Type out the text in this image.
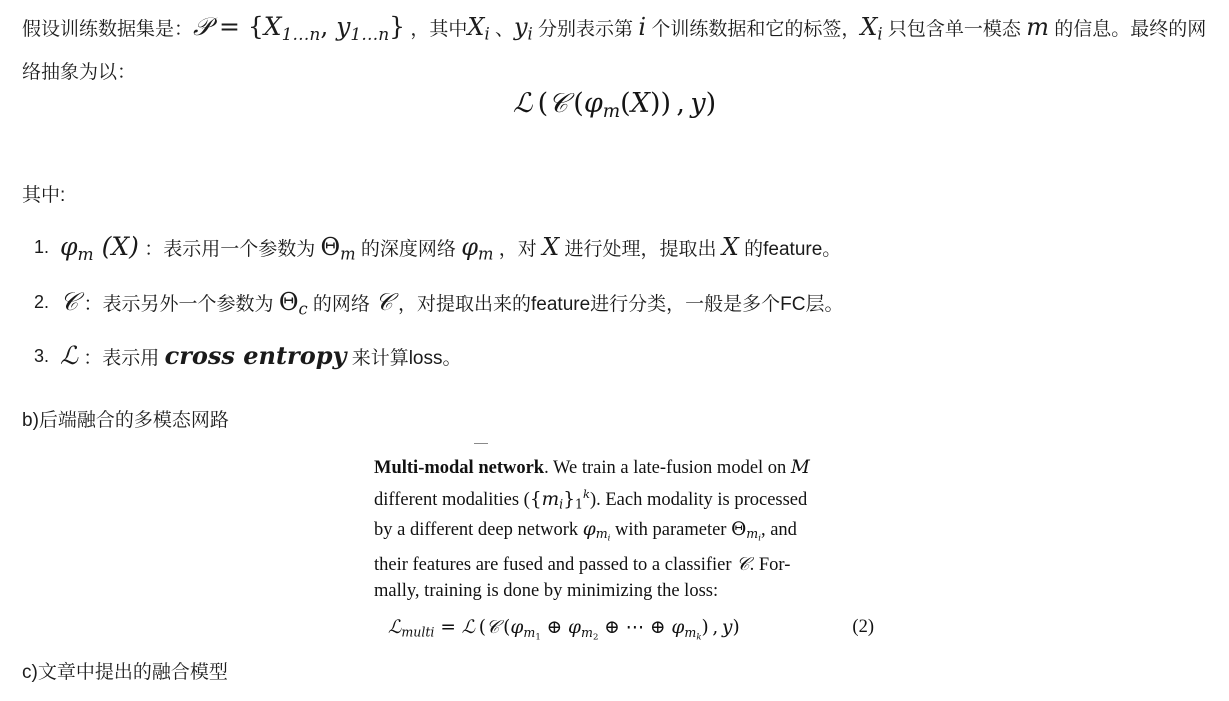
假设训练数据集是：𝒫 = {$X_{1\dots n}$, $y_{1\dots n}$} ，其中$X_i$ 、$y_i$ 分别表示第 i 个训练数据和它的标签，$X_i$ 只包含单一模态 m 的信息。最终的网络抽象为以：
ℒ (𝒞 $(\varphi_m(X))$ , y)
其中:
1. $\varphi_m$ (X) ：表示用一个参数为 $\Theta_m$ 的深度网络 $\varphi_m$ ，对 X 进行处理，提取出 X 的feature。
2. 𝒞 ：表示另外一个参数为 $\Theta_c$ 的网络 𝒞 ，对提取出来的feature进行分类，一般是多个FC层。
3. ℒ ：表示用 cross entropy 来计算loss。
b)后端融合的多模态网路
Multi-modal network. We train a late-fusion model on M
different modalities $(\{m_i\}_1^k)$. Each modality is processed
by a different deep network $\varphi_{m_i}$ with parameter $\Theta_{m_i}$, and
their features are fused and passed to a classifier 𝒞. For-
mally, training is done by minimizing the loss:
ℒ$_{multi}$ = ℒ (𝒞 ($\varphi_{m_1}$ ⊕ $\varphi_{m_2}$ ⊕ ⋯ ⊕ $\varphi_{m_k}$) , y)	(2)
c)文章中提出的融合模型
